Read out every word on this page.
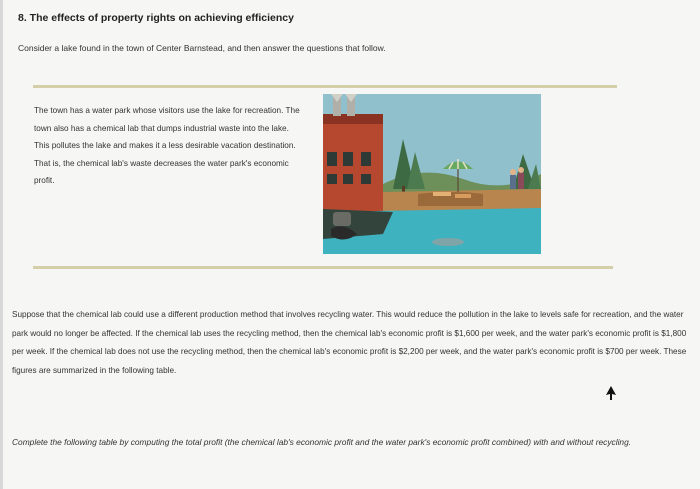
8. The effects of property rights on achieving efficiency
Consider a lake found in the town of Center Barnstead, and then answer the questions that follow.
The town has a water park whose visitors use the lake for recreation. The town also has a chemical lab that dumps industrial waste into the lake. This pollutes the lake and makes it a less desirable vacation destination. That is, the chemical lab's waste decreases the water park's economic profit.
Suppose that the chemical lab could use a different production method that involves recycling water. This would reduce the pollution in the lake to levels safe for recreation, and the water park would no longer be affected. If the chemical lab uses the recycling method, then the chemical lab's economic profit is $1,600 per week, and the water park's economic profit is $1,800 per week. If the chemical lab does not use the recycling method, then the chemical lab's economic profit is $2,200 per week, and the water park's economic profit is $700 per week. These figures are summarized in the following table.
Complete the following table by computing the total profit (the chemical lab's economic profit and the water park's economic profit combined) with and without recycling.
